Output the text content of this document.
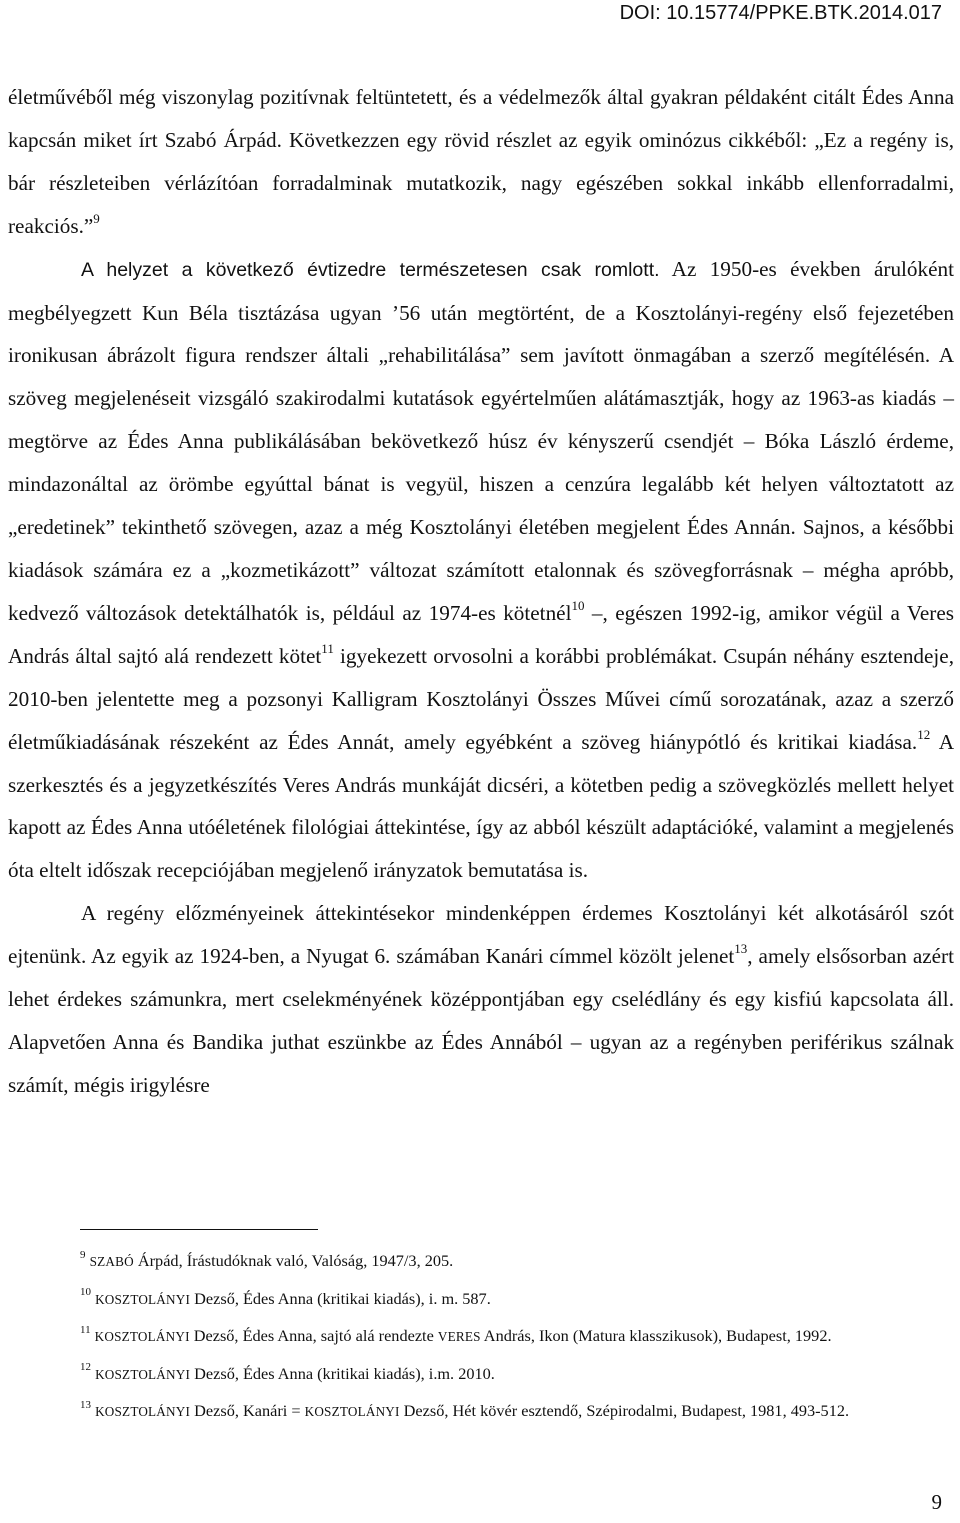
DOI: 10.15774/PPKE.BTK.2014.017

életművéből még viszonylag pozitívnak feltüntetett, és a védelmezők által gyakran példaként citált Édes Anna kapcsán miket írt Szabó Árpád. Következzen egy rövid részlet az egyik ominózus cikkéből: „Ez a regény is, bár részleteiben vérlázítóan forradalminak mutatkozik, nagy egészében sokkal inkább ellenforradalmi, reakciós.”$^9$
A helyzet a következő évtizedre természetesen csak romlott. Az 1950-es években árulóként megbélyegzett Kun Béla tisztázása ugyan ’56 után megtörtént, de a Kosztolányi-regény első fejezetében ironikusan ábrázolt figura rendszer általi „rehabilitálása” sem javított önmagában a szerző megítélésén. A szöveg megjelenéseit vizsgáló szakirodalmi kutatások egyértelműen alátámasztják, hogy az 1963-as kiadás – megtörve az Édes Anna publikálásában bekövetkező húsz év kényszerű csendjét – Bóka László érdeme, mindazonáltal az örömbe egyúttal bánat is vegyül, hiszen a cenzúra legalább két helyen változtatott az „eredetinek” tekinthető szövegen, azaz a még Kosztolányi életében megjelent Édes Annán. Sajnos, a későbbi kiadások számára ez a „kozmetikázott” változat számított etalonnak és szövegforrásnak – mégha apróbb, kedvező változások detektálhatók is, például az 1974-es kötetnél$^{10}$ –, egészen 1992-ig, amikor végül a Veres András által sajtó alá rendezett kötet$^{11}$ igyekezett orvosolni a korábbi problémákat. Csupán néhány esztendeje, 2010-ben jelentette meg a pozsonyi Kalligram Kosztolányi Összes Művei című sorozatának, azaz a szerző életműkiadásának részeként az Édes Annát, amely egyébként a szöveg hiánypótló és kritikai kiadása.$^{12}$ A szerkesztés és a jegyzetkészítés Veres András munkáját dicséri, a kötetben pedig a szövegközlés mellett helyet kapott az Édes Anna utóéletének filológiai áttekintése, így az abból készült adaptációké, valamint a megjelenés óta eltelt időszak recepciójában megjelenő irányzatok bemutatása is.

A regény előzményeinek áttekintésekor mindenképpen érdemes Kosztolányi két alkotásáról szót ejtenünk. Az egyik az 1924-ben, a Nyugat 6. számában Kanári címmel közölt jelenet$^{13}$, amely elsősorban azért lehet érdekes számunkra, mert cselekményének középpontjában egy cselédlány és egy kisfiú kapcsolata áll. Alapvetően Anna és Bandika juthat eszünkbe az Édes Annából – ugyan az a regényben periférikus szálnak számít, mégis irigylésre

$^9$ SZABÓ Árpád, Írástudóknak való, Valóság, 1947/3, 205.
$^{10}$ KOSZTOLÁNYI Dezső, Édes Anna (kritikai kiadás), i. m. 587.
$^{11}$ KOSZTOLÁNYI Dezső, Édes Anna, sajtó alá rendezte VERES András, Ikon (Matura klasszikusok), Budapest, 1992.
$^{12}$ KOSZTOLÁNYI Dezső, Édes Anna (kritikai kiadás), i.m. 2010.
$^{13}$ KOSZTOLÁNYI Dezső, Kanári = KOSZTOLÁNYI Dezső, Hét kövér esztendő, Szépirodalmi, Budapest, 1981, 493-512.
9
